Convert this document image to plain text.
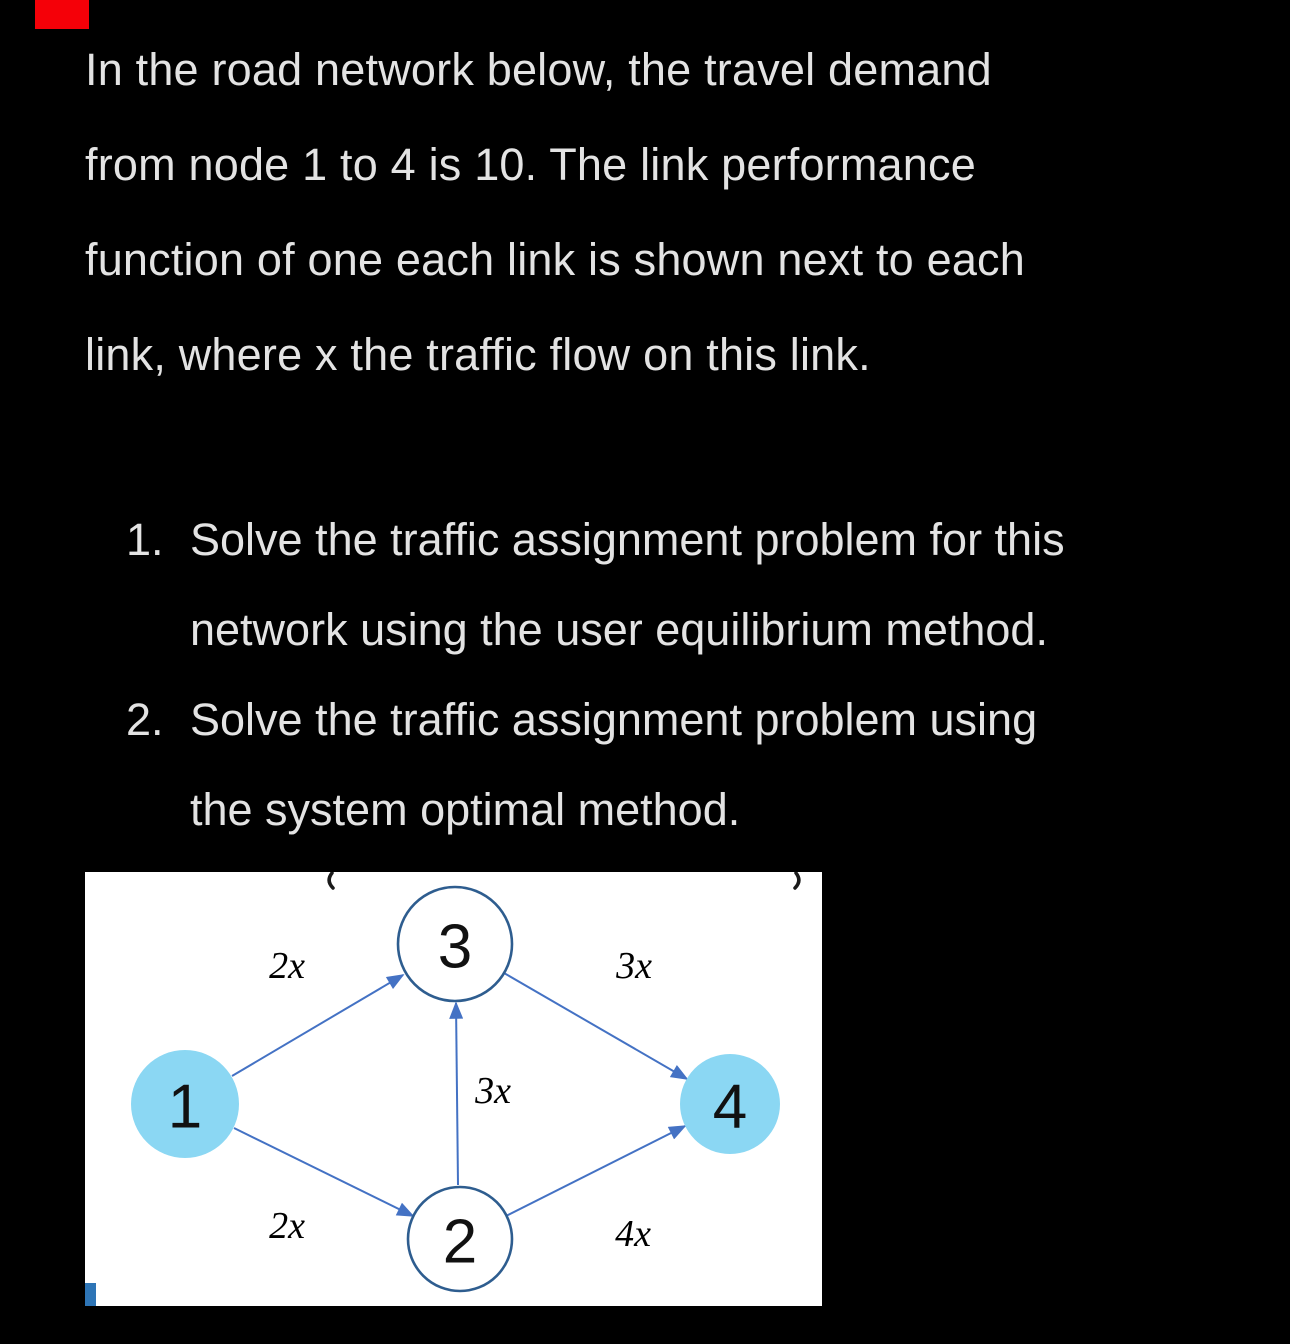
In the road network below, the travel demand
from node 1 to 4 is 10. The link performance
function of one each link is shown next to each
link, where x the traffic flow on this link.
1. Solve the traffic assignment problem for this
network using the user equilibrium method.
2. Solve the traffic assignment problem using
the system optimal method.
2x	3x
2x	4x
3x
1
3
2
4
